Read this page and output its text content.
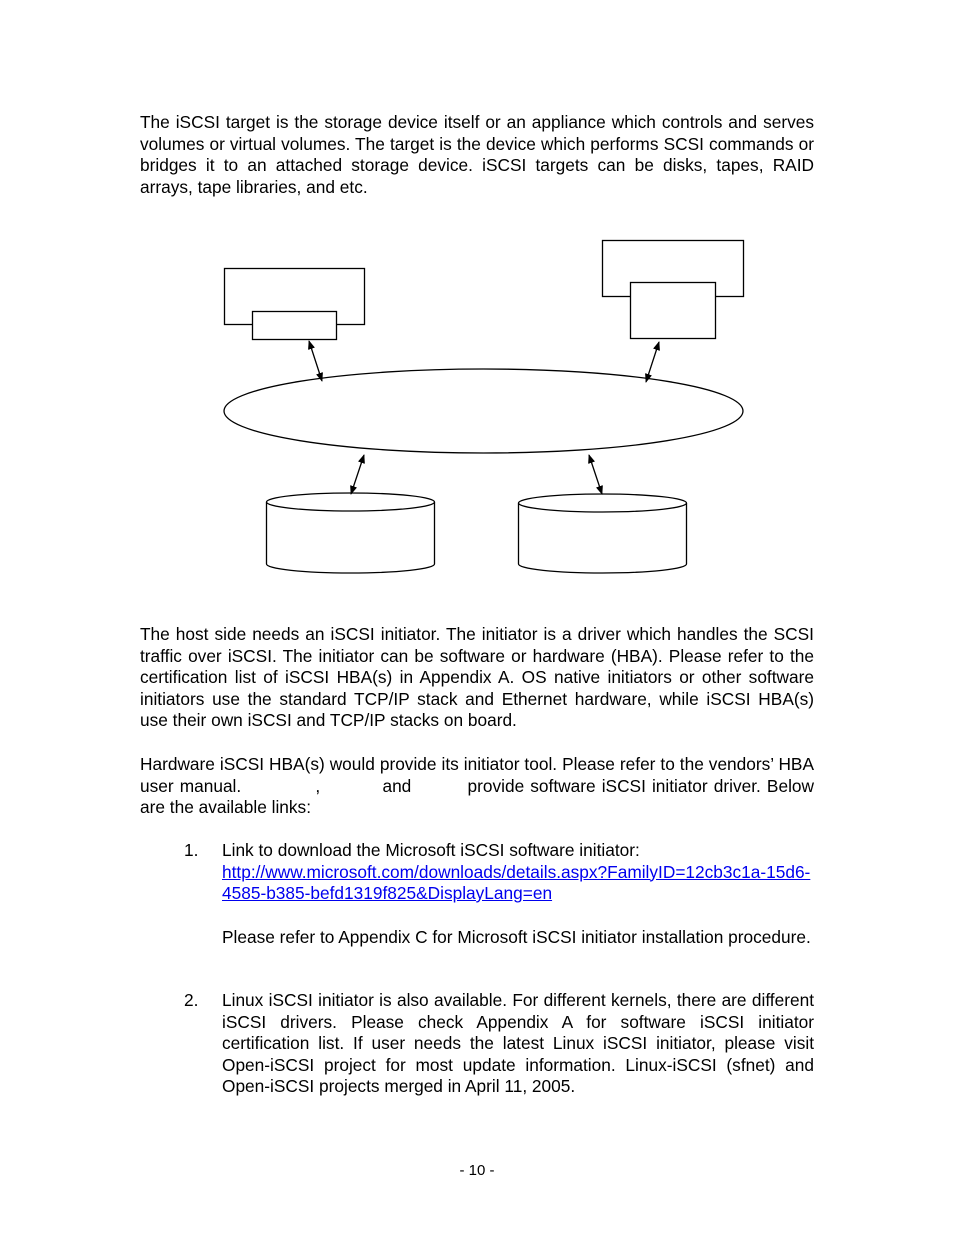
The iSCSI target is the storage device itself or an appliance which controls and serves volumes or virtual volumes. The target is the device which performs SCSI commands or bridges it to an attached storage device. iSCSI targets can be disks, tapes, RAID arrays, tape libraries, and etc.

The host side needs an iSCSI initiator. The initiator is a driver which handles the SCSI traffic over iSCSI. The initiator can be software or hardware (HBA). Please refer to the certification list of iSCSI HBA(s) in Appendix A. OS native initiators or other software initiators use the standard TCP/IP stack and Ethernet hardware, while iSCSI HBA(s) use their own iSCSI and TCP/IP stacks on board.

Hardware iSCSI HBA(s) would provide its initiator tool. Please refer to the vendors’ HBA user manual.	,	and	provide software iSCSI initiator driver. Below are the available links:

1. Link to download the Microsoft iSCSI software initiator:
http://www.microsoft.com/downloads/details.aspx?FamilyID=12cb3c1a-15d6-4585-b385-befd1319f825&DisplayLang=en
Please refer to Appendix C for Microsoft iSCSI initiator installation procedure.
2. Linux iSCSI initiator is also available. For different kernels, there are different iSCSI drivers. Please check Appendix A for software iSCSI initiator certification list. If user needs the latest Linux iSCSI initiator, please visit Open-iSCSI project for most update information. Linux-iSCSI (sfnet) and Open-iSCSI projects merged in April 11, 2005.
- 10 -
